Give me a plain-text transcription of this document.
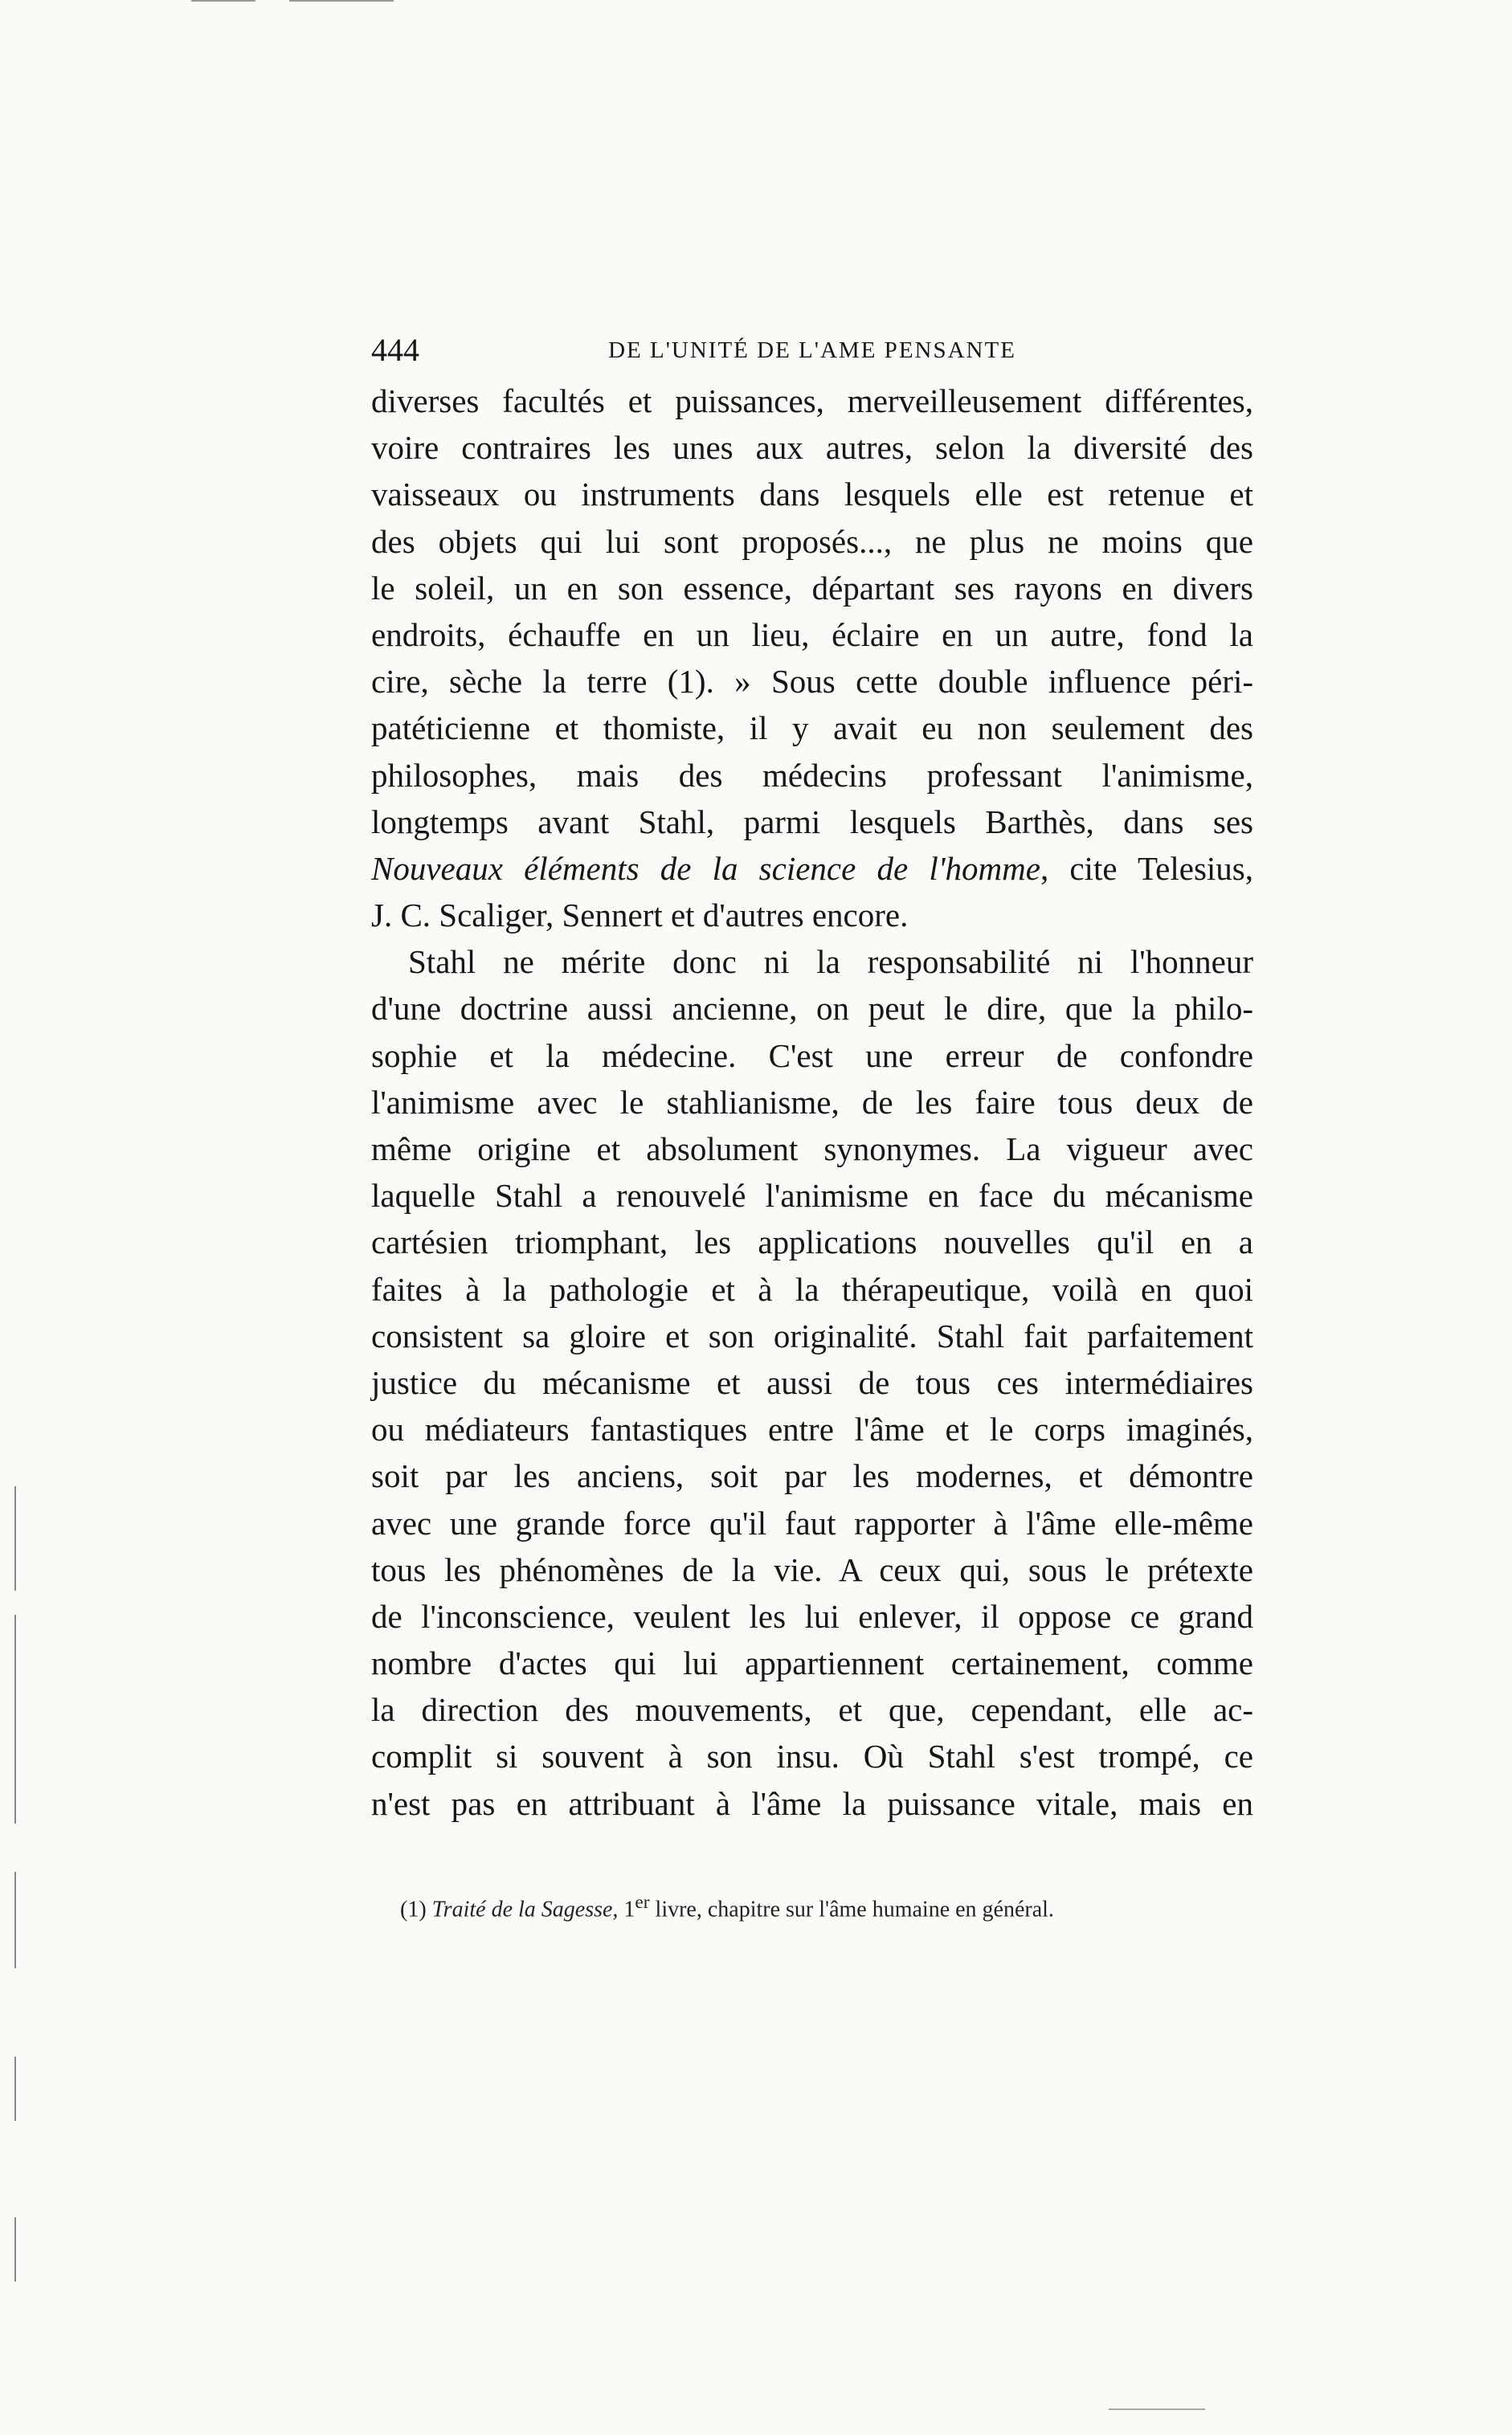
444	DE L'UNITÉ DE L'AME PENSANTE
diverses facultés et puissances, merveilleusement différentes,
voire contraires les unes aux autres, selon la diversité des
vaisseaux ou instruments dans lesquels elle est retenue et
des objets qui lui sont proposés..., ne plus ne moins que
le soleil, un en son essence, départant ses rayons en divers
endroits, échauffe en un lieu, éclaire en un autre, fond la
cire, sèche la terre (1). » Sous cette double influence péri-
patéticienne et thomiste, il y avait eu non seulement des
philosophes, mais des médecins professant l'animisme,
longtemps avant Stahl, parmi lesquels Barthès, dans ses
Nouveaux éléments de la science de l'homme, cite Telesius,
J. C. Scaliger, Sennert et d'autres encore.
Stahl ne mérite donc ni la responsabilité ni l'honneur
d'une doctrine aussi ancienne, on peut le dire, que la philo-
sophie et la médecine. C'est une erreur de confondre
l'animisme avec le stahlianisme, de les faire tous deux de
même origine et absolument synonymes. La vigueur avec
laquelle Stahl a renouvelé l'animisme en face du mécanisme
cartésien triomphant, les applications nouvelles qu'il en a
faites à la pathologie et à la thérapeutique, voilà en quoi
consistent sa gloire et son originalité. Stahl fait parfaitement
justice du mécanisme et aussi de tous ces intermédiaires
ou médiateurs fantastiques entre l'âme et le corps imaginés,
soit par les anciens, soit par les modernes, et démontre
avec une grande force qu'il faut rapporter à l'âme elle-même
tous les phénomènes de la vie. A ceux qui, sous le prétexte
de l'inconscience, veulent les lui enlever, il oppose ce grand
nombre d'actes qui lui appartiennent certainement, comme
la direction des mouvements, et que, cependant, elle ac-
complit si souvent à son insu. Où Stahl s'est trompé, ce
n'est pas en attribuant à l'âme la puissance vitale, mais en
(1) Traité de la Sagesse, 1er livre, chapitre sur l'âme humaine en général.
